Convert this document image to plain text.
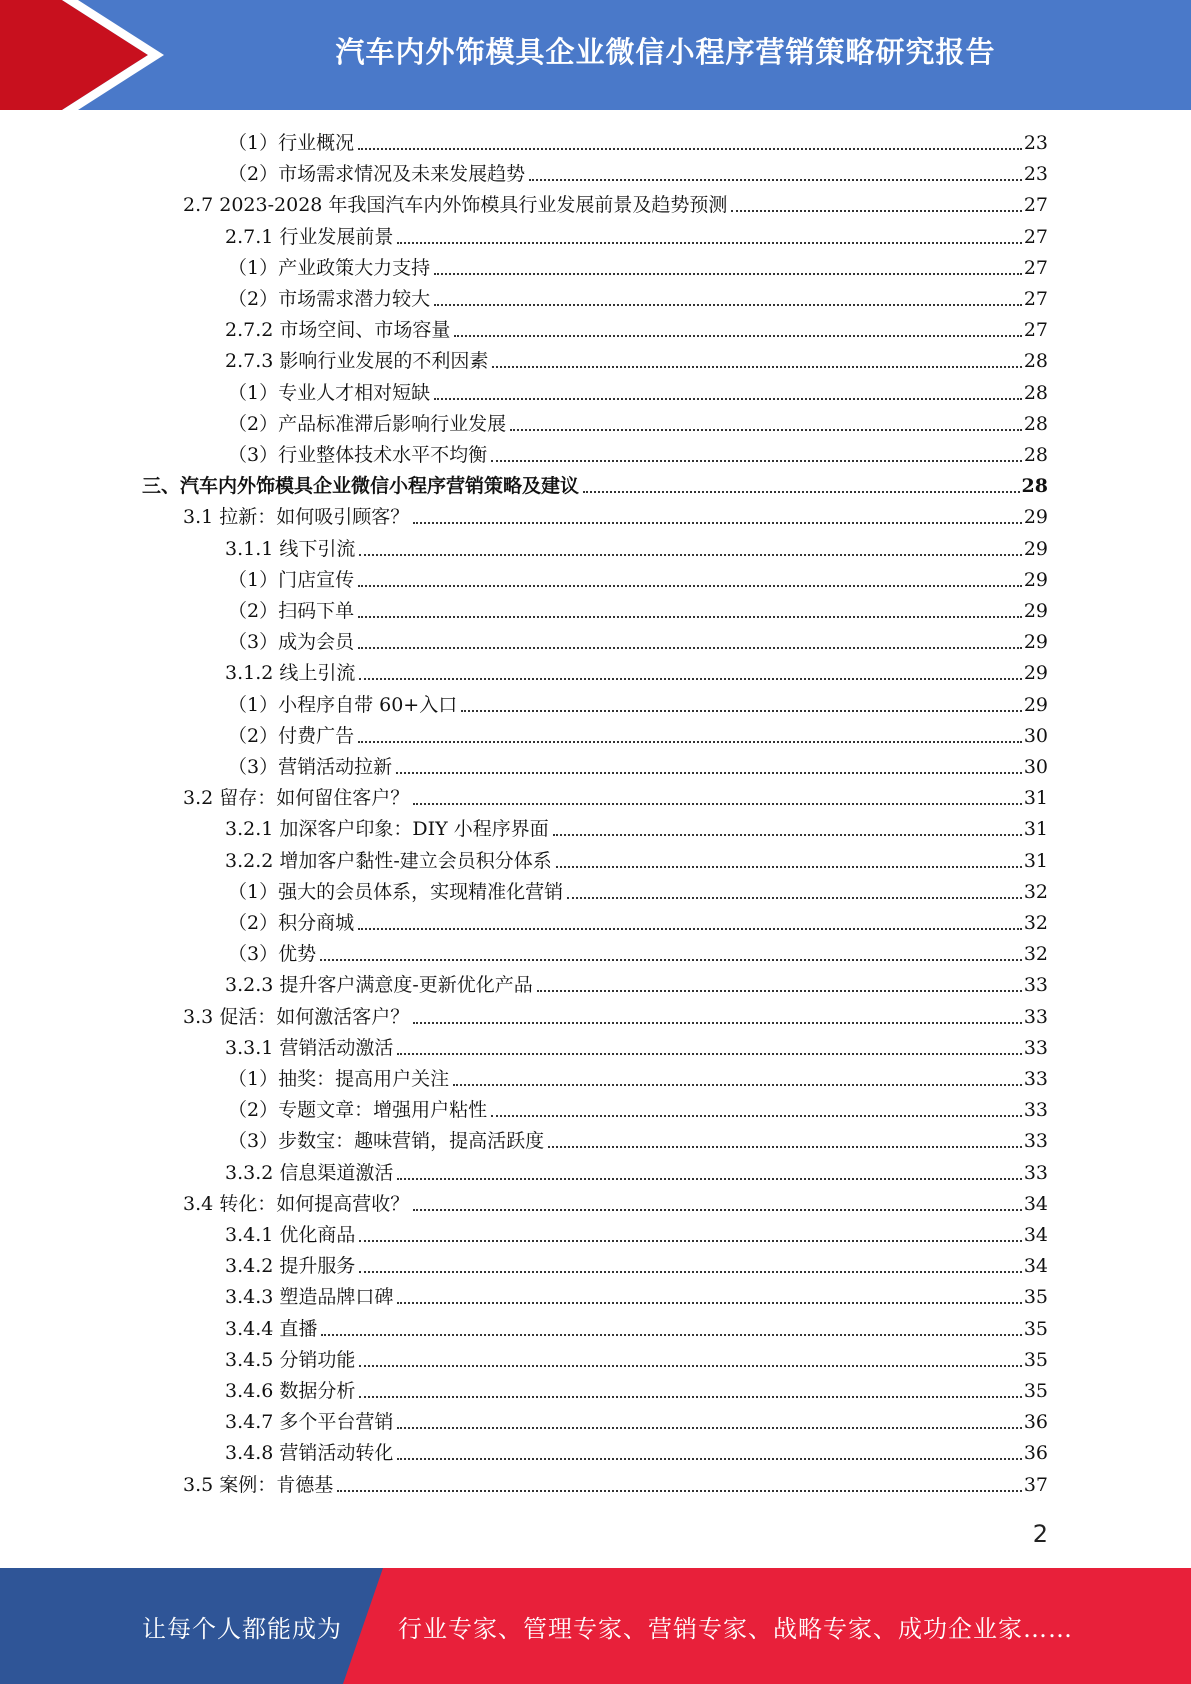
汽车内外饰模具企业微信小程序营销策略研究报告
（1）行业概况	23
（2）市场需求情况及未来发展趋势	23
2.7 2023-2028 年我国汽车内外饰模具行业发展前景及趋势预测	27
2.7.1 行业发展前景	27
（1）产业政策大力支持	27
（2）市场需求潜力较大	27
2.7.2 市场空间、市场容量	27
2.7.3 影响行业发展的不利因素	28
（1）专业人才相对短缺	28
（2）产品标准滞后影响行业发展	28
（3）行业整体技术水平不均衡	28
三、汽车内外饰模具企业微信小程序营销策略及建议	28
3.1 拉新：如何吸引顾客？	29
3.1.1 线下引流	29
（1）门店宣传	29
（2）扫码下单	29
（3）成为会员	29
3.1.2 线上引流	29
（1）小程序自带 60+入口	29
（2）付费广告	30
（3）营销活动拉新	30
3.2 留存：如何留住客户？	31
3.2.1 加深客户印象：DIY 小程序界面	31
3.2.2 增加客户黏性-建立会员积分体系	31
（1）强大的会员体系，实现精准化营销	32
（2）积分商城	32
（3）优势	32
3.2.3 提升客户满意度-更新优化产品	33
3.3 促活：如何激活客户？	33
3.3.1 营销活动激活	33
（1）抽奖：提高用户关注	33
（2）专题文章：增强用户粘性	33
（3）步数宝：趣味营销，提高活跃度	33
3.3.2 信息渠道激活	33
3.4 转化：如何提高营收？	34
3.4.1 优化商品	34
3.4.2 提升服务	34
3.4.3 塑造品牌口碑	35
3.4.4 直播	35
3.4.5 分销功能	35
3.4.6 数据分析	35
3.4.7 多个平台营销	36
3.4.8 营销活动转化	36
3.5 案例：肯德基	37
2
让每个人都能成为 行业专家、管理专家、营销专家、战略专家、成功企业家……
